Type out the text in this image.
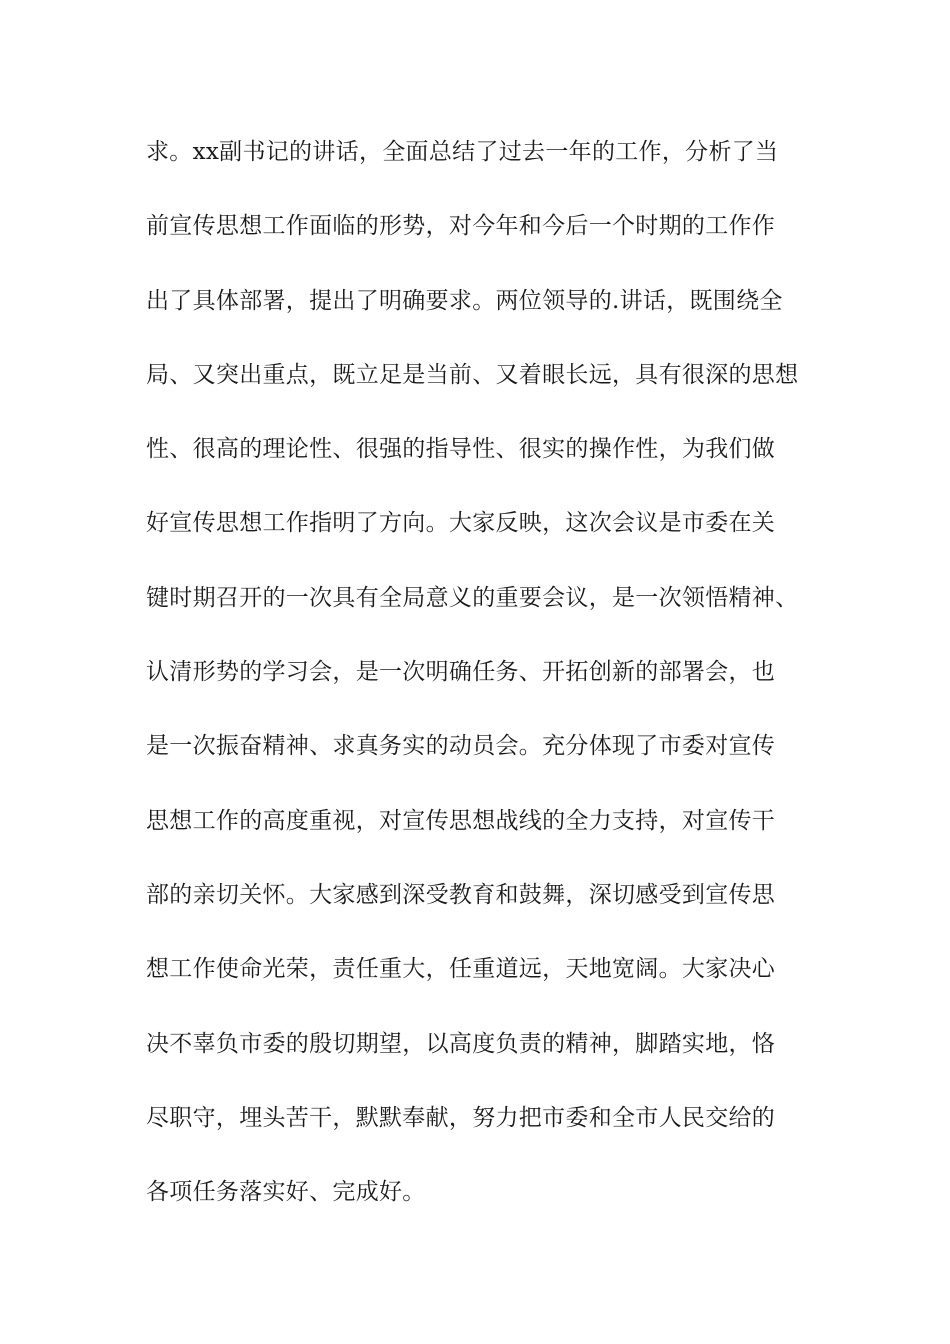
求。xx副书记的讲话，全面总结了过去一年的工作，分析了当
前宣传思想工作面临的形势，对今年和今后一个时期的工作作
出了具体部署，提出了明确要求。两位领导的.讲话，既围绕全
局、又突出重点，既立足是当前、又着眼长远，具有很深的思想
性、很高的理论性、很强的指导性、很实的操作性，为我们做
好宣传思想工作指明了方向。大家反映，这次会议是市委在关
键时期召开的一次具有全局意义的重要会议，是一次领悟精神、
认清形势的学习会，是一次明确任务、开拓创新的部署会，也
是一次振奋精神、求真务实的动员会。充分体现了市委对宣传
思想工作的高度重视，对宣传思想战线的全力支持，对宣传干
部的亲切关怀。大家感到深受教育和鼓舞，深切感受到宣传思
想工作使命光荣，责任重大，任重道远，天地宽阔。大家决心
决不辜负市委的殷切期望，以高度负责的精神，脚踏实地，恪
尽职守，埋头苦干，默默奉献，努力把市委和全市人民交给的
各项任务落实好、完成好。
